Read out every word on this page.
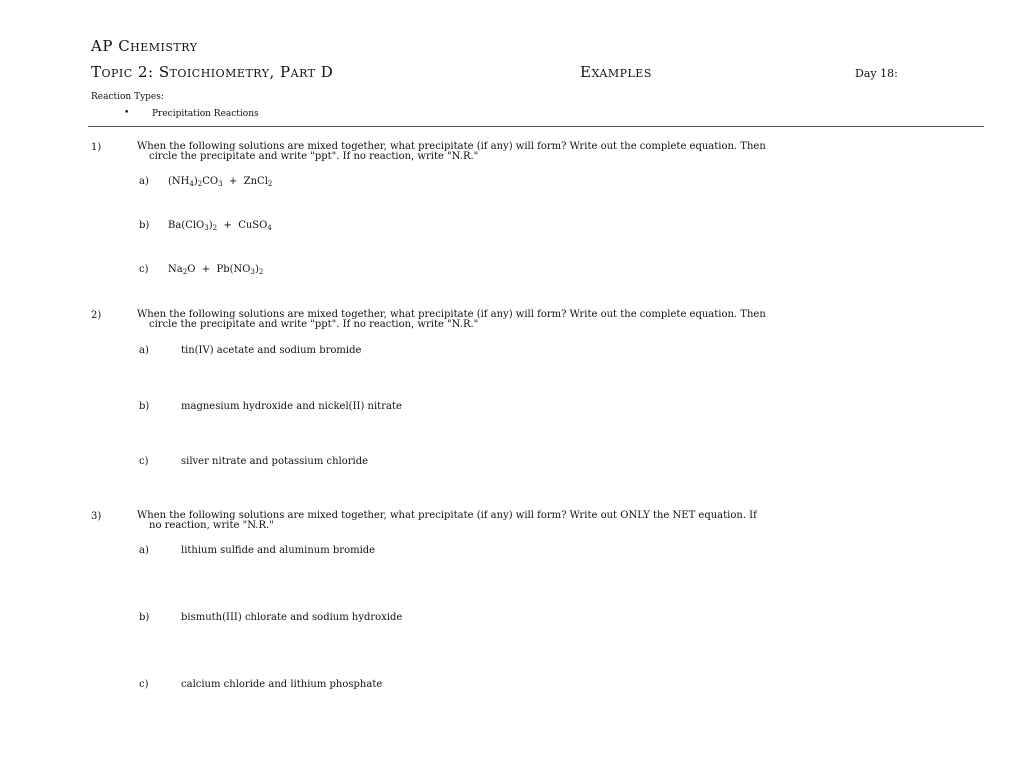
AP Chemistry
Topic 2: Stoichiometry, Part D	Examples	Day 18:
Reaction Types:
•	Precipitation Reactions
1)	When the following solutions are mixed together, what precipitate (if any) will form? Write out the complete equation. Then
circle the precipitate and write "ppt". If no reaction, write "N.R."
a) $(NH_4)_2CO_3$ + ZnCl$_2$
b) $Ba(ClO_3)_2$ + CuSO$_4$
c) $Na_2O + Pb(NO_3)_2$
2)	When the following solutions are mixed together, what precipitate (if any) will form? Write out the complete equation. Then
circle the precipitate and write "ppt". If no reaction, write "N.R."
a)	tin(IV) acetate and sodium bromide
b)	magnesium hydroxide and nickel(II) nitrate
c)	silver nitrate and potassium chloride
3)	When the following solutions are mixed together, what precipitate (if any) will form? Write out ONLY the NET equation. If
no reaction, write "N.R."
a)	lithium sulfide and aluminum bromide
b)	bismuth(III) chlorate and sodium hydroxide
c)	calcium chloride and lithium phosphate
